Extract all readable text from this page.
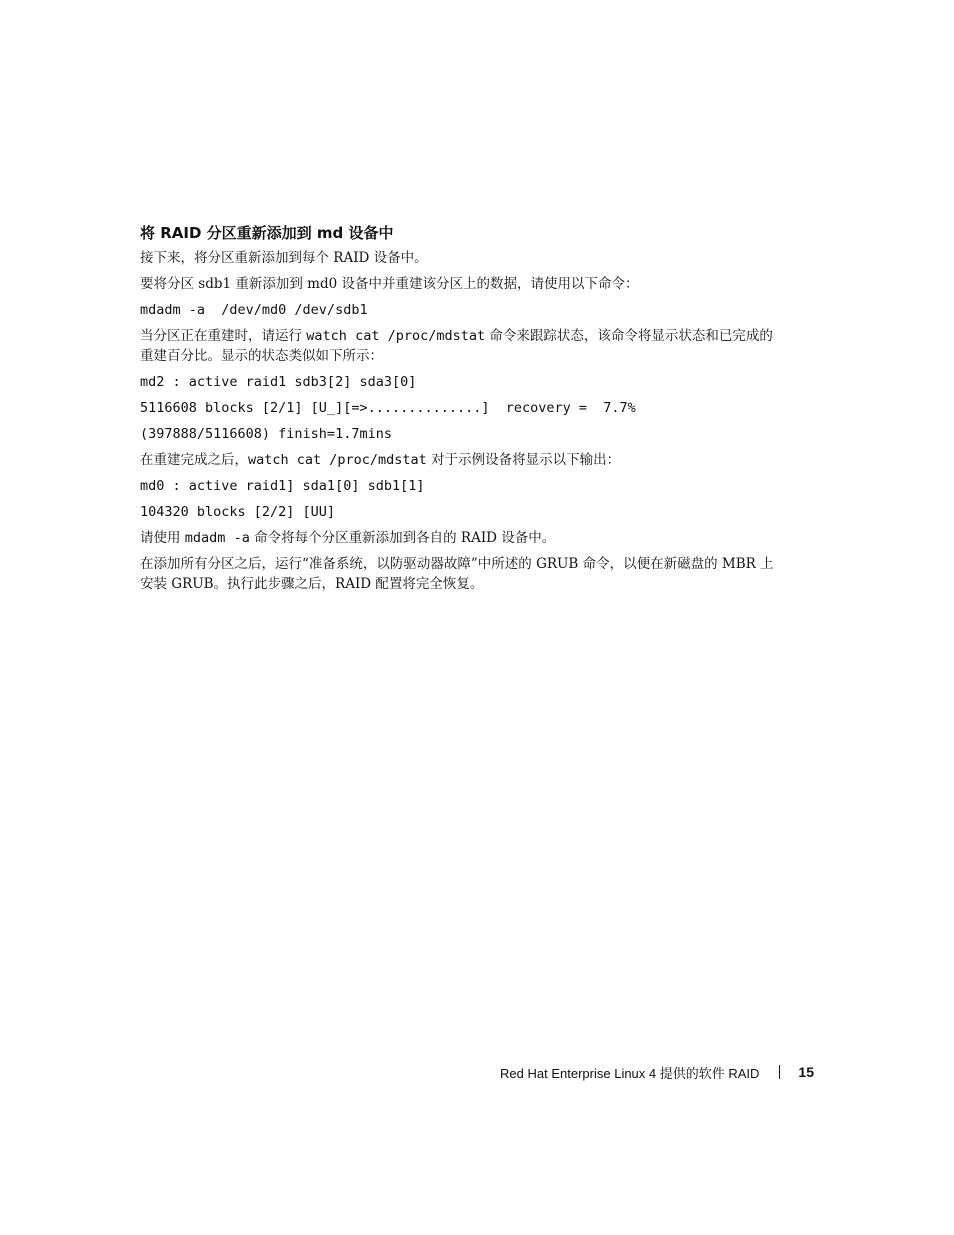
将 RAID 分区重新添加到 md 设备中
接下来，将分区重新添加到每个 RAID 设备中。
要将分区 sdb1 重新添加到 md0 设备中并重建该分区上的数据，请使用以下命令：
mdadm -a  /dev/md0 /dev/sdb1
当分区正在重建时，请运行 watch cat /proc/mdstat 命令来跟踪状态，该命令将显示状态和已完成的重建百分比。显示的状态类似如下所示：
md2 : active raid1 sdb3[2] sda3[0]
5116608 blocks [2/1] [U_][=>..............]  recovery =  7.7%
(397888/5116608) finish=1.7mins
在重建完成之后，watch cat /proc/mdstat 对于示例设备将显示以下输出：
md0 : active raid1] sda1[0] sdb1[1]
104320 blocks [2/2] [UU]
请使用 mdadm -a 命令将每个分区重新添加到各自的 RAID 设备中。
在添加所有分区之后，运行“准备系统，以防驱动器故障”中所述的 GRUB 命令，以便在新磁盘的 MBR 上安装 GRUB。执行此步骤之后，RAID 配置将完全恢复。
Red Hat Enterprise Linux 4 提供的软件 RAID	15
